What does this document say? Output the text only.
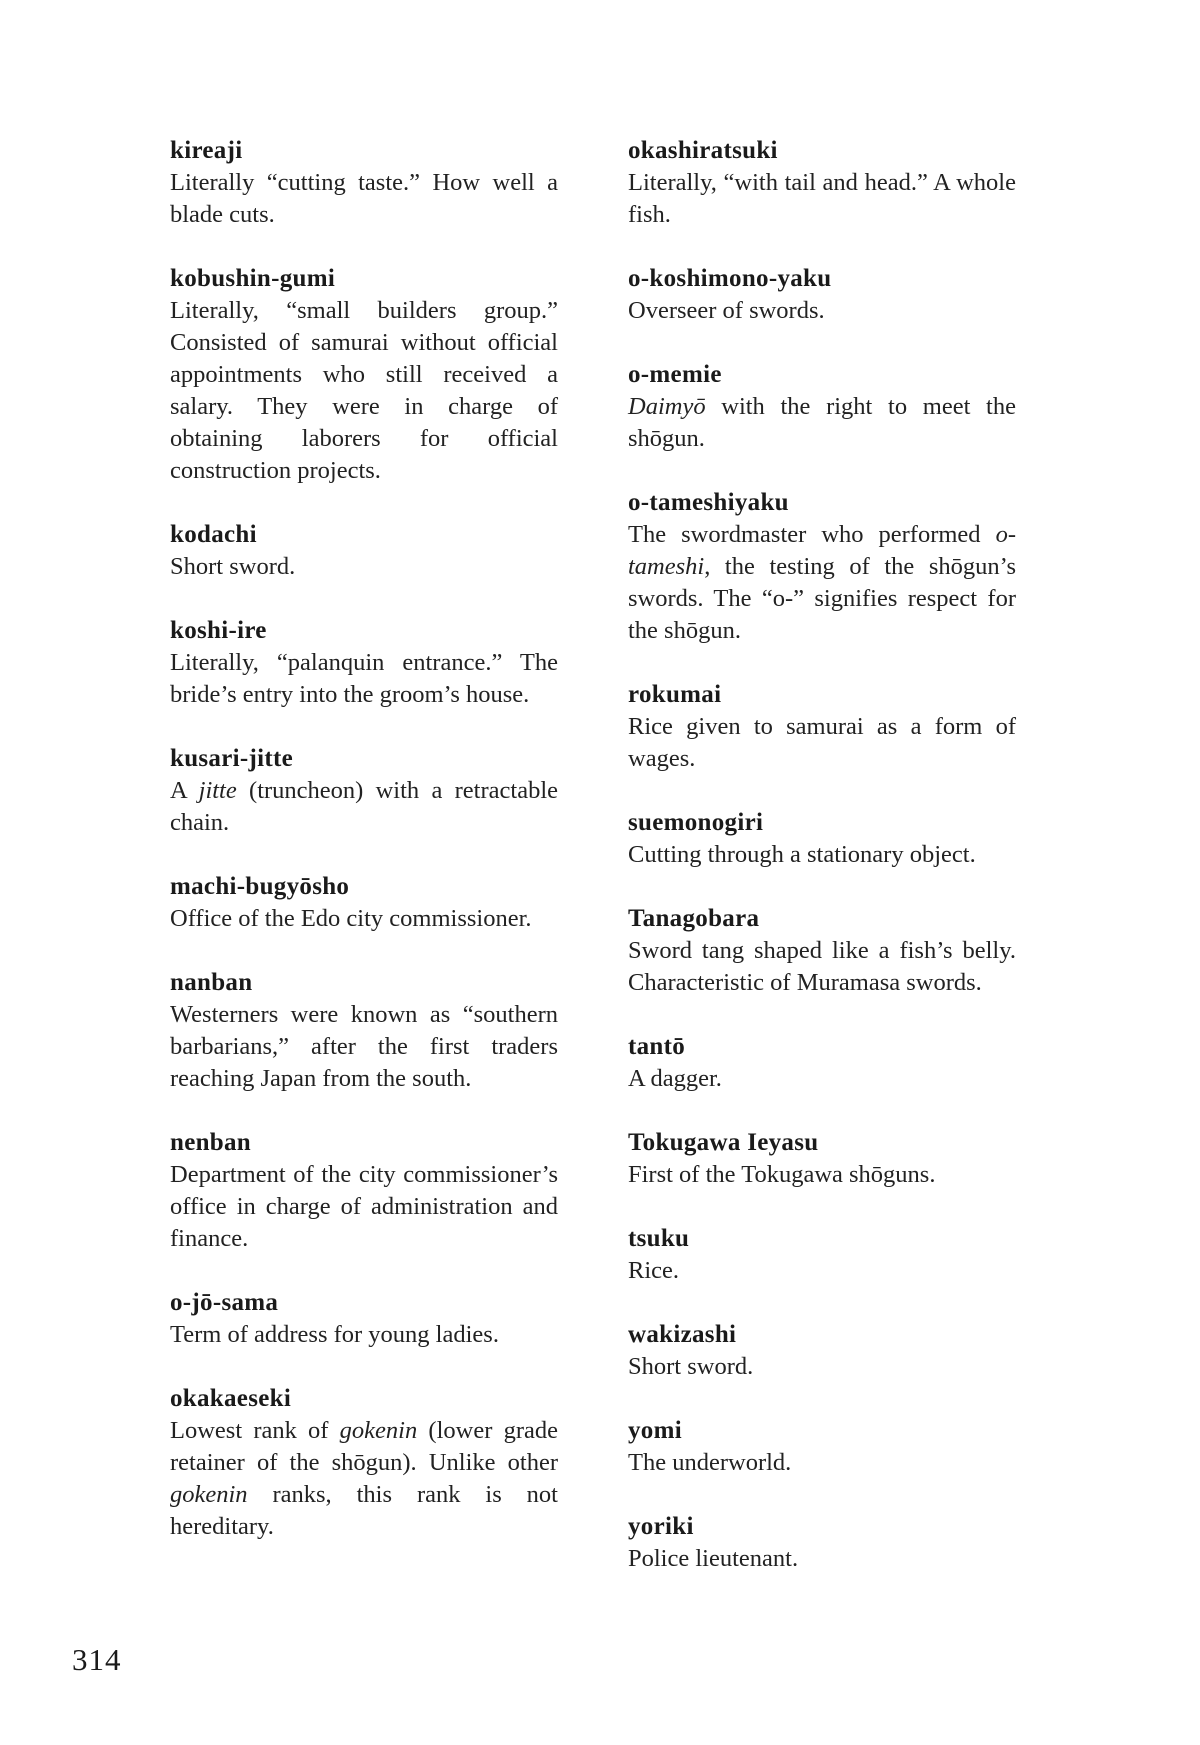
kireaji
Literally “cutting taste.” How well a blade cuts.
kobushin-gumi
Literally, “small builders group.” Consisted of samurai without official appointments who still received a salary. They were in charge of obtaining laborers for official construction projects.
kodachi
Short sword.
koshi-ire
Literally, “palanquin entrance.” The bride’s entry into the groom’s house.
kusari-jitte
A jitte (truncheon) with a retractable chain.
machi-bugyōsho
Office of the Edo city commissioner.
nanban
Westerners were known as “southern barbarians,” after the first traders reaching Japan from the south.
nenban
Department of the city commissioner’s office in charge of administration and finance.
o-jō-sama
Term of address for young ladies.
okakaeseki
Lowest rank of gokenin (lower grade retainer of the shōgun). Unlike other gokenin ranks, this rank is not hereditary.
okashiratsuki
Literally, “with tail and head.” A whole fish.
o-koshimono-yaku
Overseer of swords.
o-memie
Daimyō with the right to meet the shōgun.
o-tameshiyaku
The swordmaster who performed o-tameshi, the testing of the shōgun’s swords. The “o-” signifies respect for the shōgun.
rokumai
Rice given to samurai as a form of wages.
suemonogiri
Cutting through a stationary object.
Tanagobara
Sword tang shaped like a fish’s belly. Characteristic of Muramasa swords.
tantō
A dagger.
Tokugawa Ieyasu
First of the Tokugawa shōguns.
tsuku
Rice.
wakizashi
Short sword.
yomi
The underworld.
yoriki
Police lieutenant.
314
